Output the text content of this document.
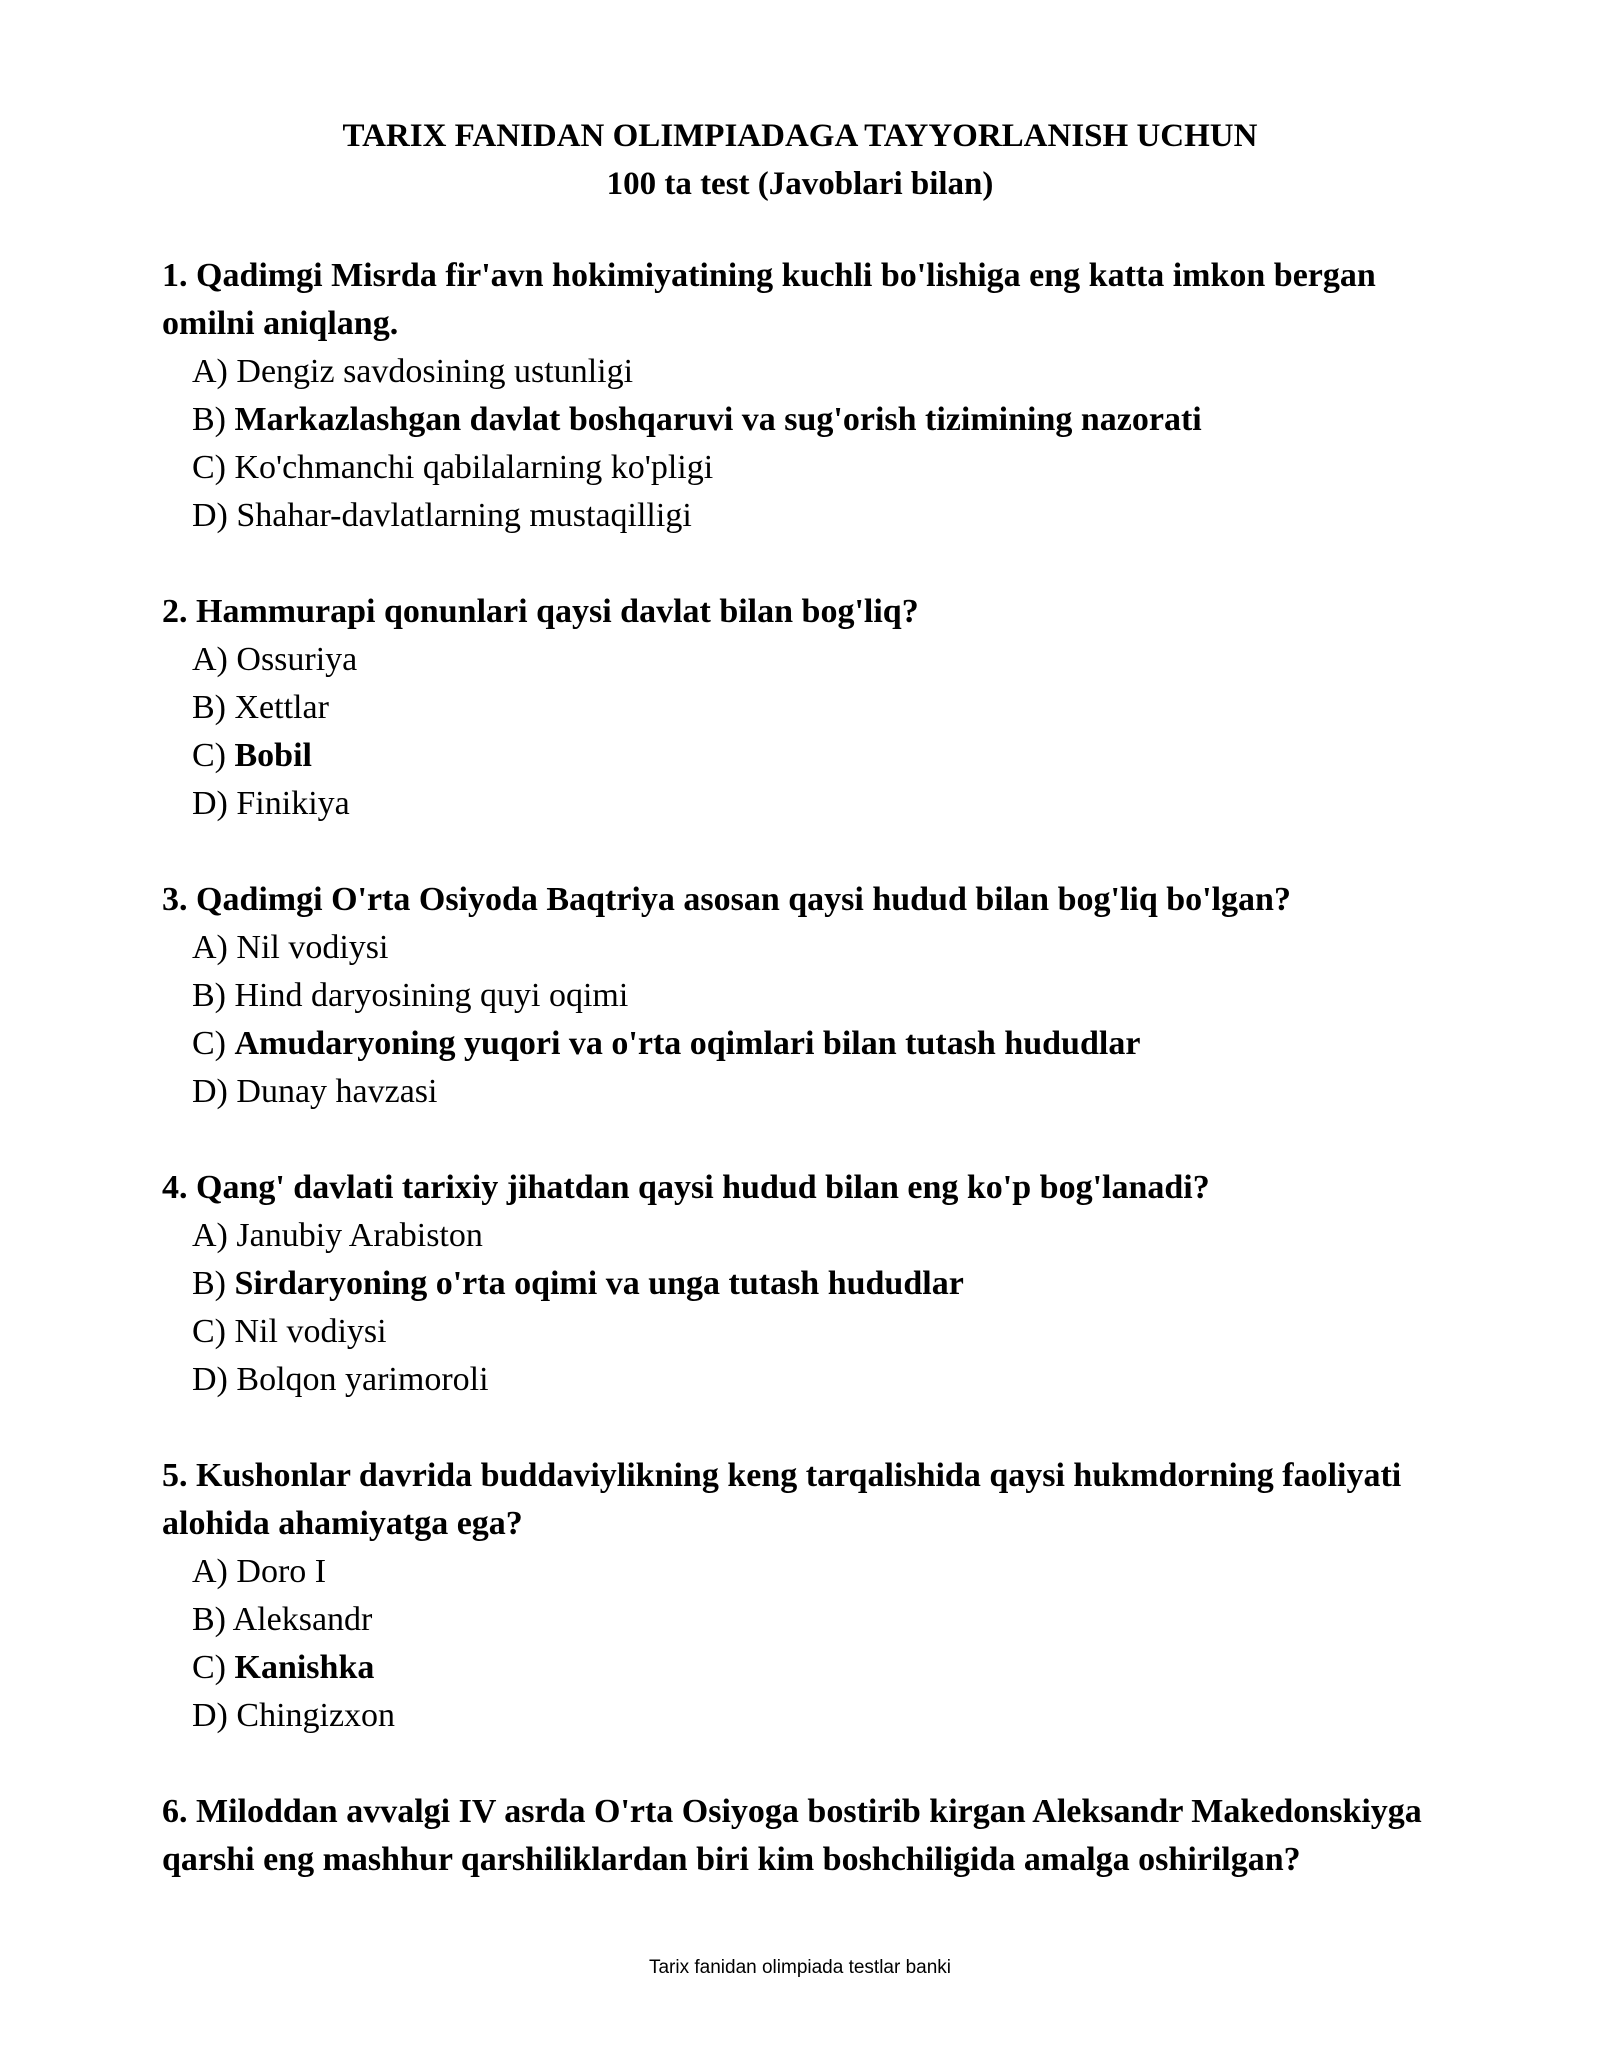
TARIX FANIDAN OLIMPIADAGA TAYYORLANISH UCHUN
100 ta test (Javoblari bilan)

1. Qadimgi Misrda fir'avn hokimiyatining kuchli bo'lishiga eng katta imkon bergan omilni aniqlang.

A) Dengiz savdosining ustunligi
B) Markazlashgan davlat boshqaruvi va sug'orish tizimining nazorati
C) Ko'chmanchi qabilalarning ko'pligi
D) Shahar-davlatlarning mustaqilligi

2. Hammurapi qonunlari qaysi davlat bilan bog'liq?

A) Ossuriya
B) Xettlar
C) Bobil
D) Finikiya

3. Qadimgi O'rta Osiyoda Baqtriya asosan qaysi hudud bilan bog'liq bo'lgan?

A) Nil vodiysi
B) Hind daryosining quyi oqimi
C) Amudaryoning yuqori va o'rta oqimlari bilan tutash hududlar
D) Dunay havzasi

4. Qang' davlati tarixiy jihatdan qaysi hudud bilan eng ko'p bog'lanadi?

A) Janubiy Arabiston
B) Sirdaryoning o'rta oqimi va unga tutash hududlar
C) Nil vodiysi
D) Bolqon yarimoroli

5. Kushonlar davrida buddaviylikning keng tarqalishida qaysi hukmdorning faoliyati alohida ahamiyatga ega?

A) Doro I
B) Aleksandr
C) Kanishka
D) Chingizxon

6. Miloddan avvalgi IV asrda O'rta Osiyoga bostirib kirgan Aleksandr Makedonskiyga qarshi eng mashhur qarshiliklardan biri kim boshchiligida amalga oshirilgan?

Tarix fanidan olimpiada testlar banki
